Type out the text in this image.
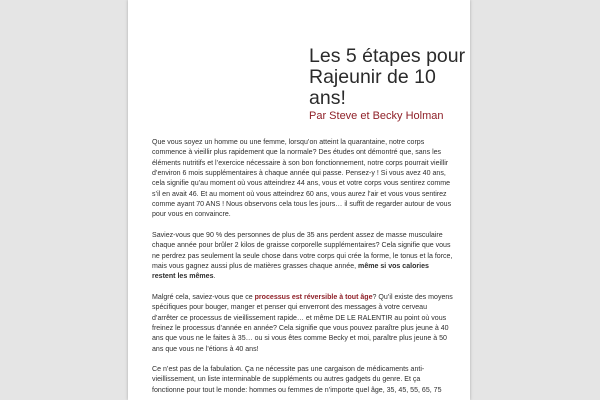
Les 5 étapes pour Rajeunir de 10 ans!
Par Steve et Becky Holman

Que vous soyez un homme ou une femme, lorsqu’on atteint la quarantaine, notre corps commence à vieillir plus rapidement que la normale? Des études ont démontré que, sans les éléments nutritifs et l’exercice nécessaire à son bon fonctionnement, notre corps pourrait vieillir d’environ 6 mois supplémentaires à chaque année qui passe. Pensez-y ! Si vous avez 40 ans, cela signifie qu’au moment où vous atteindrez 44 ans, vous et votre corps vous sentirez comme s’il en avait 46. Et au moment où vous atteindrez 60 ans, vous aurez l’air et vous vous sentirez comme ayant 70 ANS ! Nous observons cela tous les jours… il suffit de regarder autour de vous pour vous en convaincre.

Saviez-vous que 90 % des personnes de plus de 35 ans perdent assez de masse musculaire chaque année pour brûler 2 kilos de graisse corporelle supplémentaires? Cela signifie que vous ne perdrez pas seulement la seule chose dans votre corps qui crée la forme, le tonus et la force, mais vous gagnez aussi plus de matières grasses chaque année, même si vos calories restent les mêmes.

Malgré cela, saviez-vous que ce processus est réversible à tout âge? Qu’il existe des moyens spécifiques pour bouger, manger et penser qui enverront des messages à votre cerveau d’arrêter ce processus de vieillissement rapide… et même DE LE RALENTIR au point où vous freinez le processus d’année en année? Cela signifie que vous pouvez paraître plus jeune à 40 ans que vous ne le faites à 35… ou si vous êtes comme Becky et moi, paraître plus jeune à 50 ans que vous ne l’étions à 40 ans!

Ce n’est pas de la fabulation. Ça ne nécessite pas une cargaison de médicaments anti-vieillissement, un liste interminable de suppléments ou autres gadgets du genre. Et ça fonctionne pour tout le monde: hommes ou femmes de n’importe quel âge, 35, 45, 55, 65, 75
